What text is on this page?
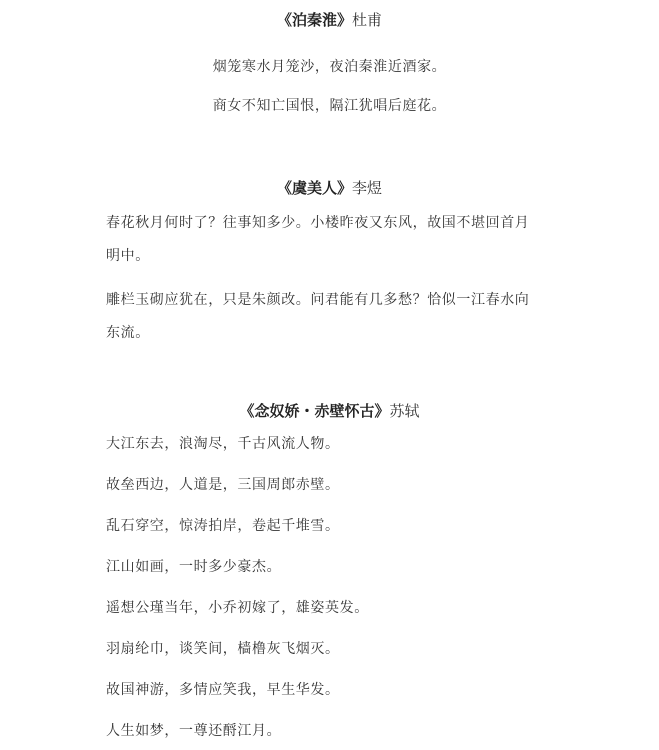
《泊秦淮》杜甫
烟笼寒水月笼沙，夜泊秦淮近酒家。
商女不知亡国恨，隔江犹唱后庭花。
《虞美人》李煜
春花秋月何时了？往事知多少。小楼昨夜又东风，故国不堪回首月
明中。
雕栏玉砌应犹在，只是朱颜改。问君能有几多愁？恰似一江春水向
东流。
《念奴娇・赤壁怀古》苏轼
大江东去，浪淘尽，千古风流人物。
故垒西边，人道是，三国周郎赤壁。
乱石穿空，惊涛拍岸，卷起千堆雪。
江山如画，一时多少豪杰。
遥想公瑾当年，小乔初嫁了，雄姿英发。
羽扇纶巾，谈笑间，樯橹灰飞烟灭。
故国神游，多情应笑我，早生华发。
人生如梦，一尊还酹江月。
